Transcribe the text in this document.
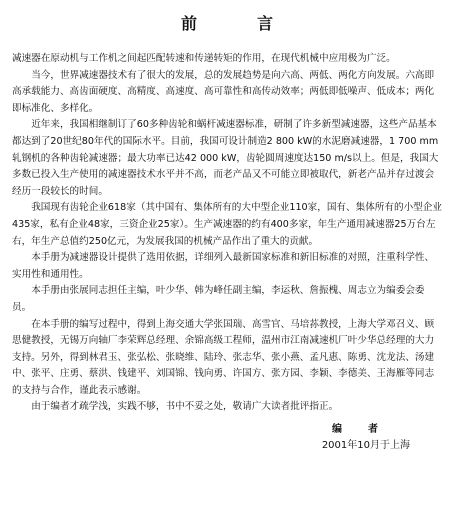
前　言

减速器在原动机与工作机之间起匹配转速和传递转矩的作用，在现代机械中应用极为广泛。

当今，世界减速器技术有了很大的发展，总的发展趋势是向六高、两低、两化方向发展。六高即高承载能力、高齿面硬度、高精度、高速度、高可靠性和高传动效率；两低即低噪声、低成本；两化即标准化、多样化。

近年来，我国相继制订了60多种齿轮和蜗杆减速器标准，研制了许多新型减速器，这些产品基本都达到了20世纪80年代的国际水平。目前，我国可设计制造2 800 kW的水泥磨减速器，1 700 mm轧钢机的各种齿轮减速器；最大功率已达42 000 kW，齿轮圆周速度达150 m/s以上。但是，我国大多数已投入生产使用的减速器技术水平并不高，而老产品又不可能立即被取代，新老产品并存过渡会经历一段较长的时间。

我国现有齿轮企业618家（其中国有、集体所有的大中型企业110家，国有、集体所有的小型企业435家，私有企业48家，三资企业25家）。生产减速器的约有400多家，年生产通用减速器25万台左右，年生产总值约250亿元，为发展我国的机械产品作出了重大的贡献。

本手册为减速器设计提供了选用依据，详细列入最新国家标准和新旧标准的对照，注重科学性、实用性和通用性。

本手册由张展同志担任主编，叶少华、韩为峰任副主编，李运秋、詹振槐、周志立为编委会委员。

在本手册的编写过程中，得到上海交通大学张国瑞、高雪官、马培荪教授，上海大学邓召义、顾思健教授，无锡万向轴厂李荣辉总经理、余锦高级工程师，温州市江南减速机厂叶少华总经理的大力支持。另外，得到林君玉、张弘松、张晓维、陆玲、张志华、张小燕、孟凡惠、陈勇、沈龙法、汤建中、张平、庄勇、蔡洪、钱建平、刘国锦、钱向勇、许国方、张方园、李颖、李德美、王海雁等同志的支持与合作，谨此表示感谢。

由于编者才疏学浅，实践不够，书中不妥之处，敬请广大读者批评指正。

编　者

2001年10月于上海
